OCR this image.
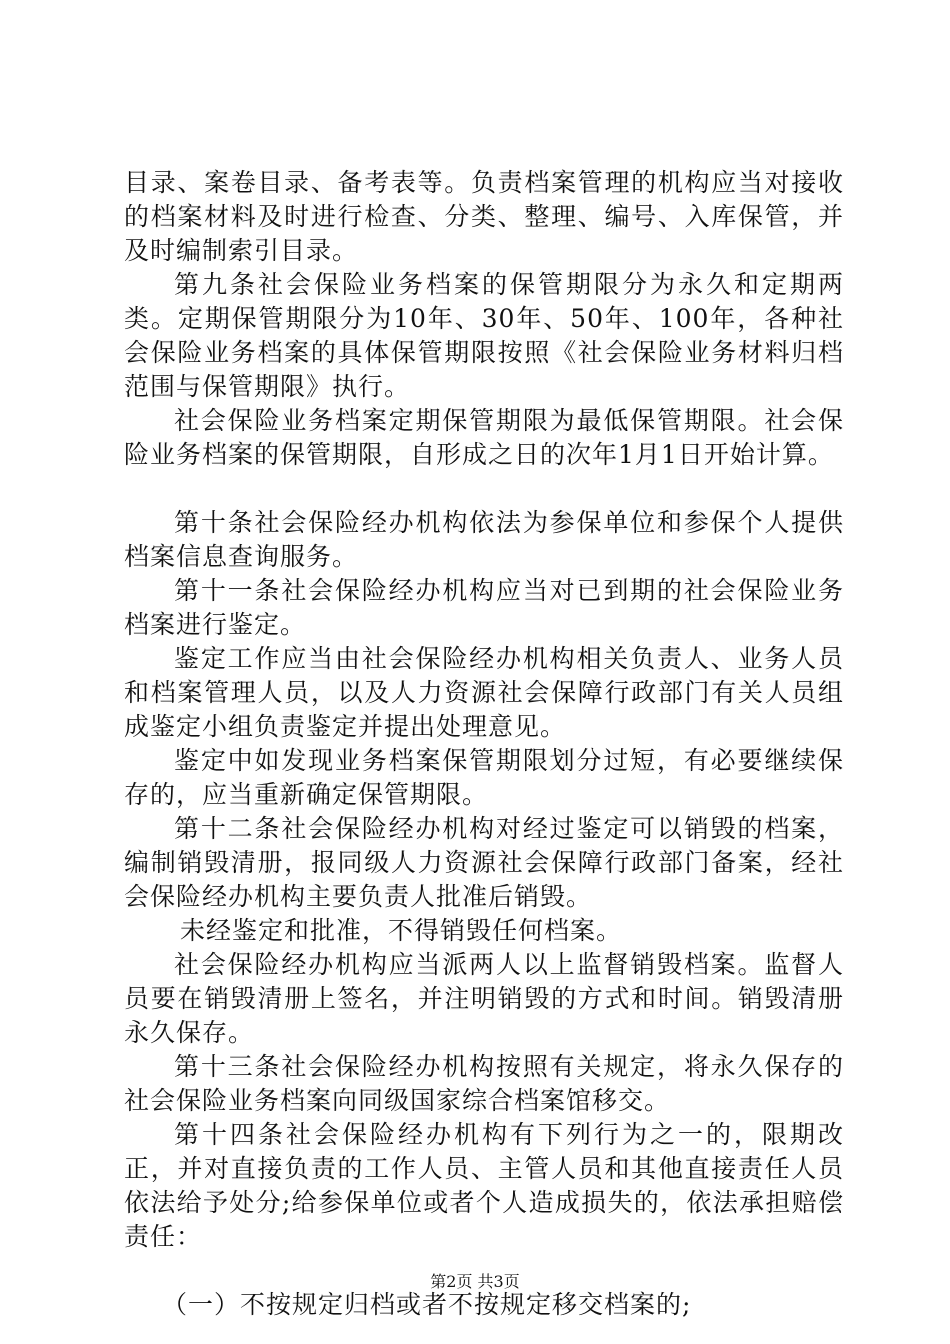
目录、案卷目录、备考表等。负责档案管理的机构应当对接收的档案材料及时进行检查、分类、整理、编号、入库保管，并及时编制索引目录。

第九条社会保险业务档案的保管期限分为永久和定期两类。定期保管期限分为10年、30年、50年、100年，各种社会保险业务档案的具体保管期限按照《社会保险业务材料归档范围与保管期限》执行。

社会保险业务档案定期保管期限为最低保管期限。社会保险业务档案的保管期限，自形成之日的次年1月1日开始计算。

第十条社会保险经办机构依法为参保单位和参保个人提供档案信息查询服务。

第十一条社会保险经办机构应当对已到期的社会保险业务档案进行鉴定。

鉴定工作应当由社会保险经办机构相关负责人、业务人员和档案管理人员，以及人力资源社会保障行政部门有关人员组成鉴定小组负责鉴定并提出处理意见。

鉴定中如发现业务档案保管期限划分过短，有必要继续保存的，应当重新确定保管期限。

第十二条社会保险经办机构对经过鉴定可以销毁的档案，编制销毁清册，报同级人力资源社会保障行政部门备案，经社会保险经办机构主要负责人批准后销毁。

未经鉴定和批准，不得销毁任何档案。

社会保险经办机构应当派两人以上监督销毁档案。监督人员要在销毁清册上签名，并注明销毁的方式和时间。销毁清册永久保存。

第十三条社会保险经办机构按照有关规定，将永久保存的社会保险业务档案向同级国家综合档案馆移交。

第十四条社会保险经办机构有下列行为之一的，限期改正，并对直接负责的工作人员、主管人员和其他直接责任人员依法给予处分;给参保单位或者个人造成损失的，依法承担赔偿责任：

（一）不按规定归档或者不按规定移交档案的;

第2页 共3页
